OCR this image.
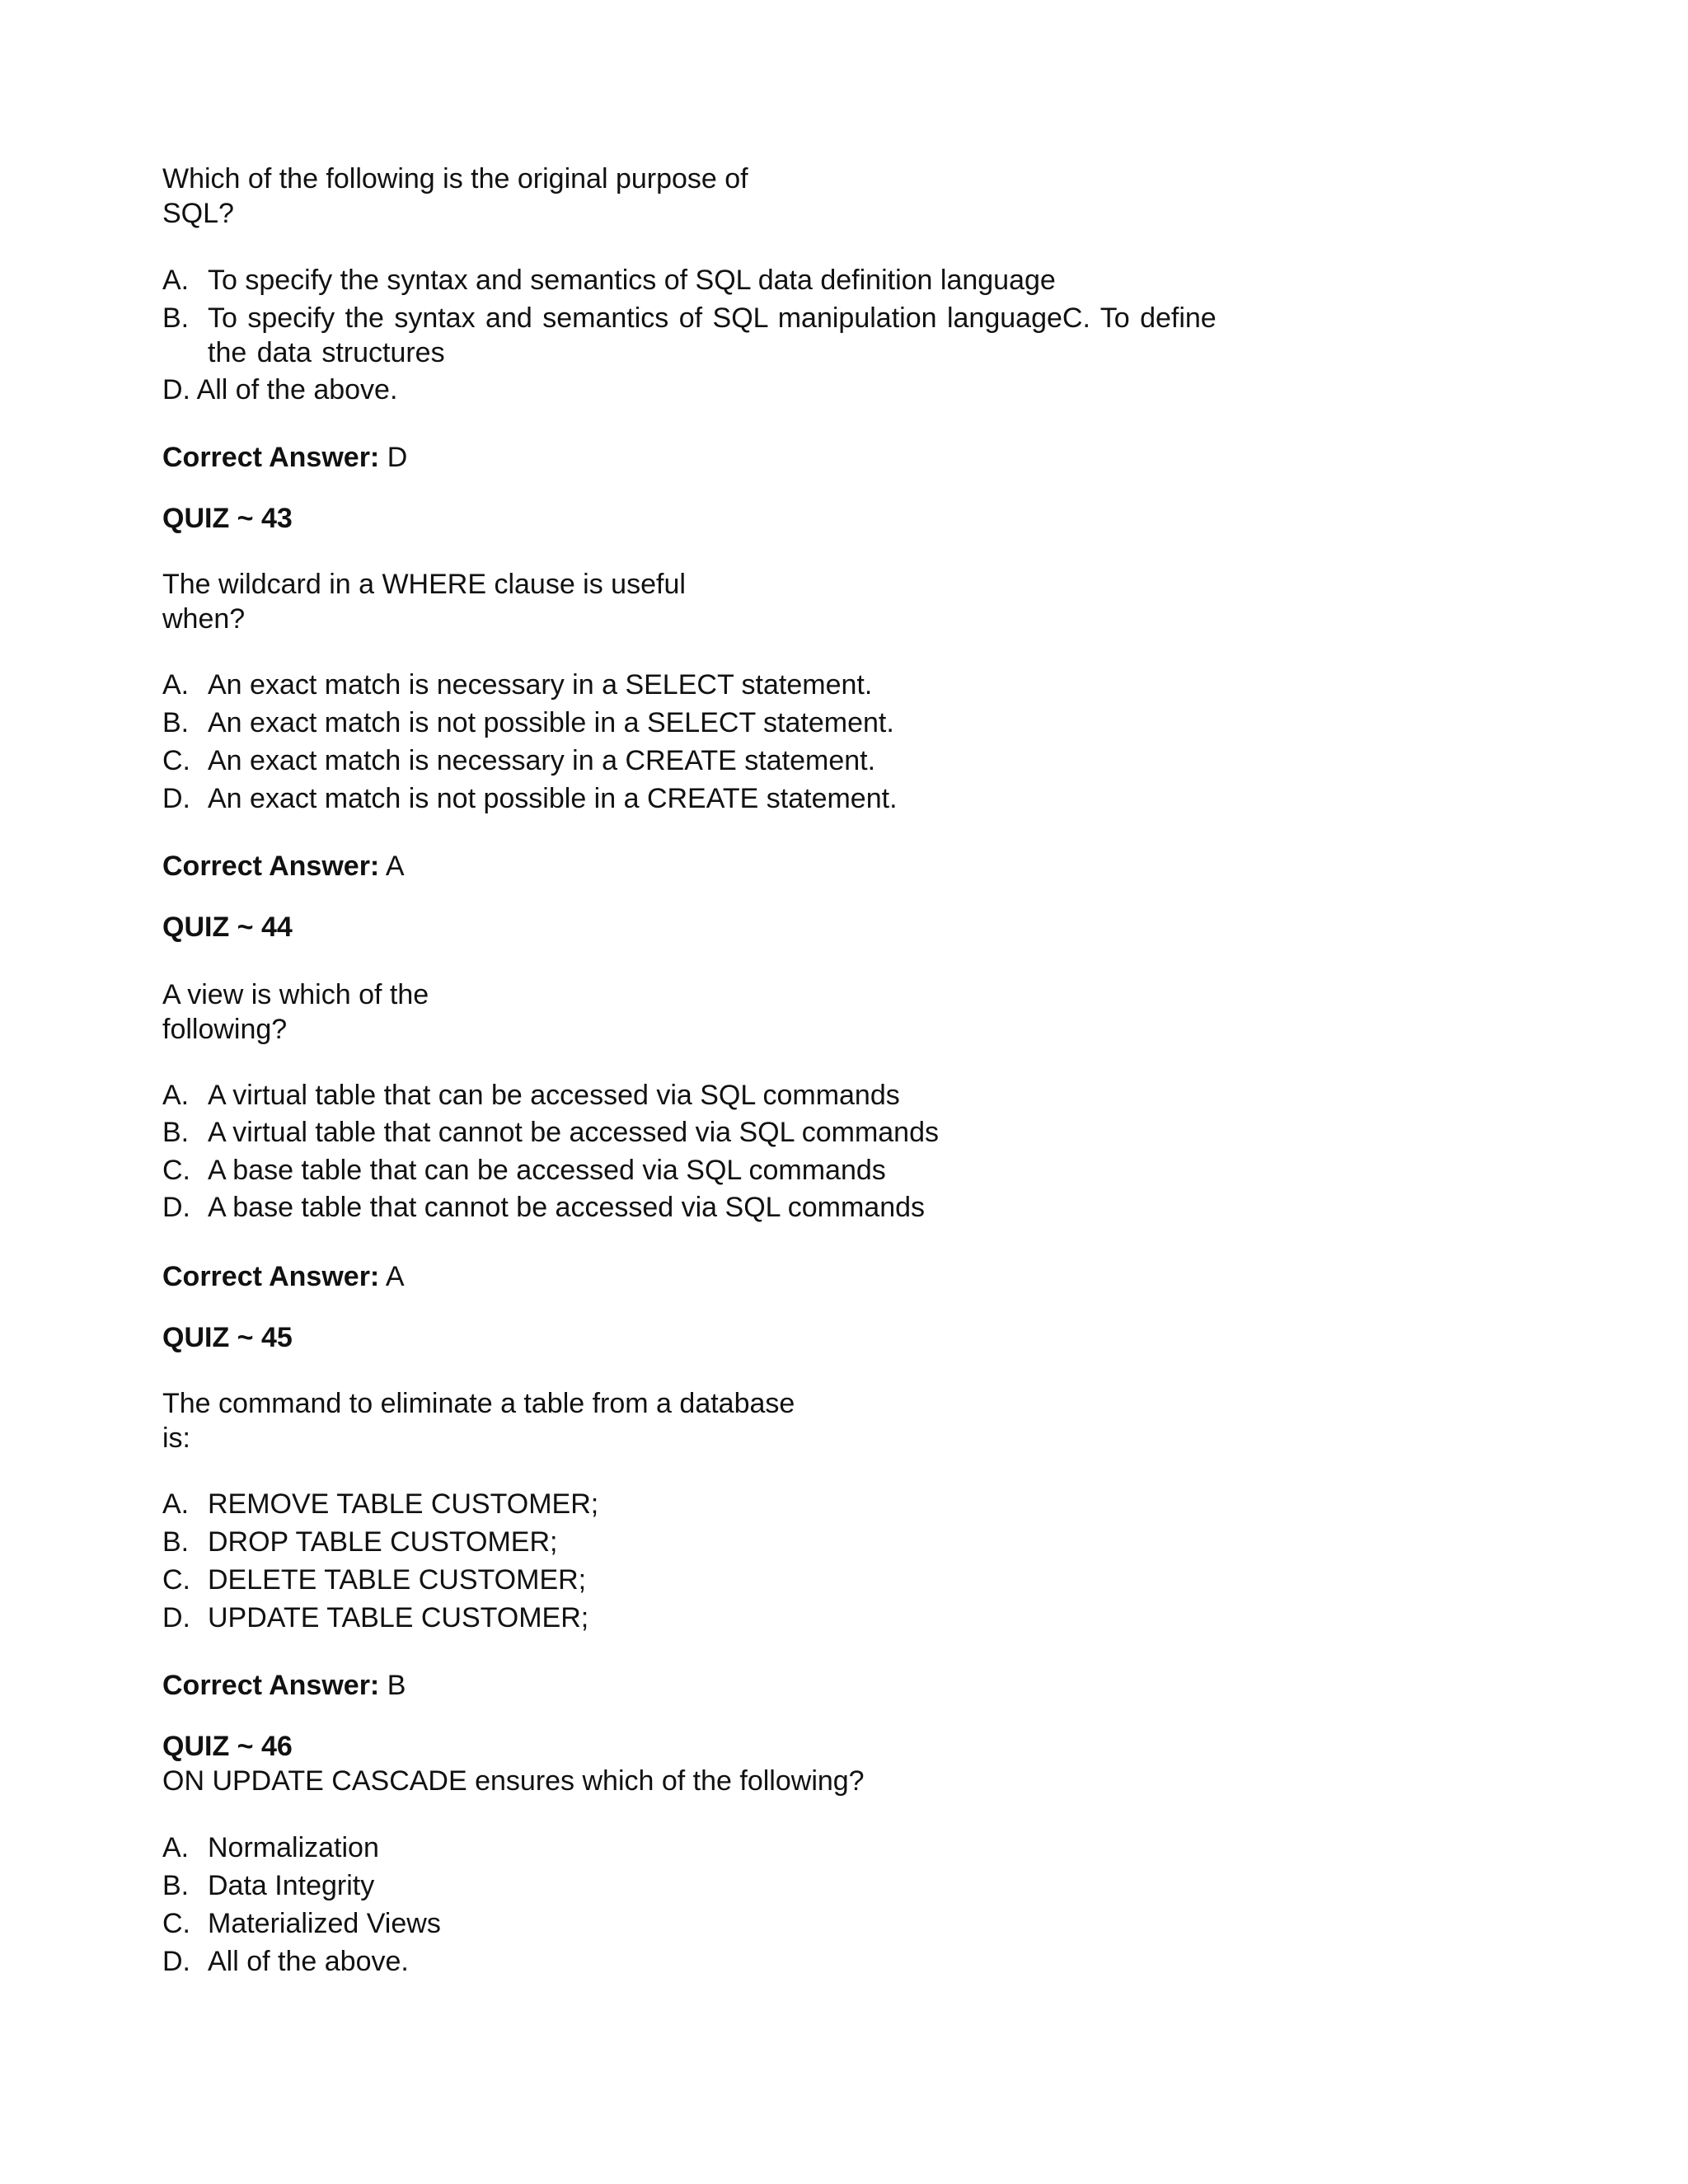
Which of the following is the original purpose of
SQL?
A. To specify the syntax and semantics of SQL data definition language
B. To specify the syntax and semantics of SQL manipulation languageC. To define the data structures
D. All of the above.
Correct Answer: D
QUIZ ~ 43
The wildcard in a WHERE clause is useful
when?
A. An exact match is necessary in a SELECT statement.
B. An exact match is not possible in a SELECT statement.
C. An exact match is necessary in a CREATE statement.
D. An exact match is not possible in a CREATE statement.
Correct Answer: A
QUIZ ~ 44
A view is which of the
following?
A. A virtual table that can be accessed via SQL commands
B. A virtual table that cannot be accessed via SQL commands
C. A base table that can be accessed via SQL commands
D. A base table that cannot be accessed via SQL commands
Correct Answer: A
QUIZ ~ 45
The command to eliminate a table from a database
is:
A. REMOVE TABLE CUSTOMER;
B. DROP TABLE CUSTOMER;
C. DELETE TABLE CUSTOMER;
D. UPDATE TABLE CUSTOMER;
Correct Answer: B
QUIZ ~ 46
ON UPDATE CASCADE ensures which of the following?
A. Normalization
B. Data Integrity
C. Materialized Views
D. All of the above.
